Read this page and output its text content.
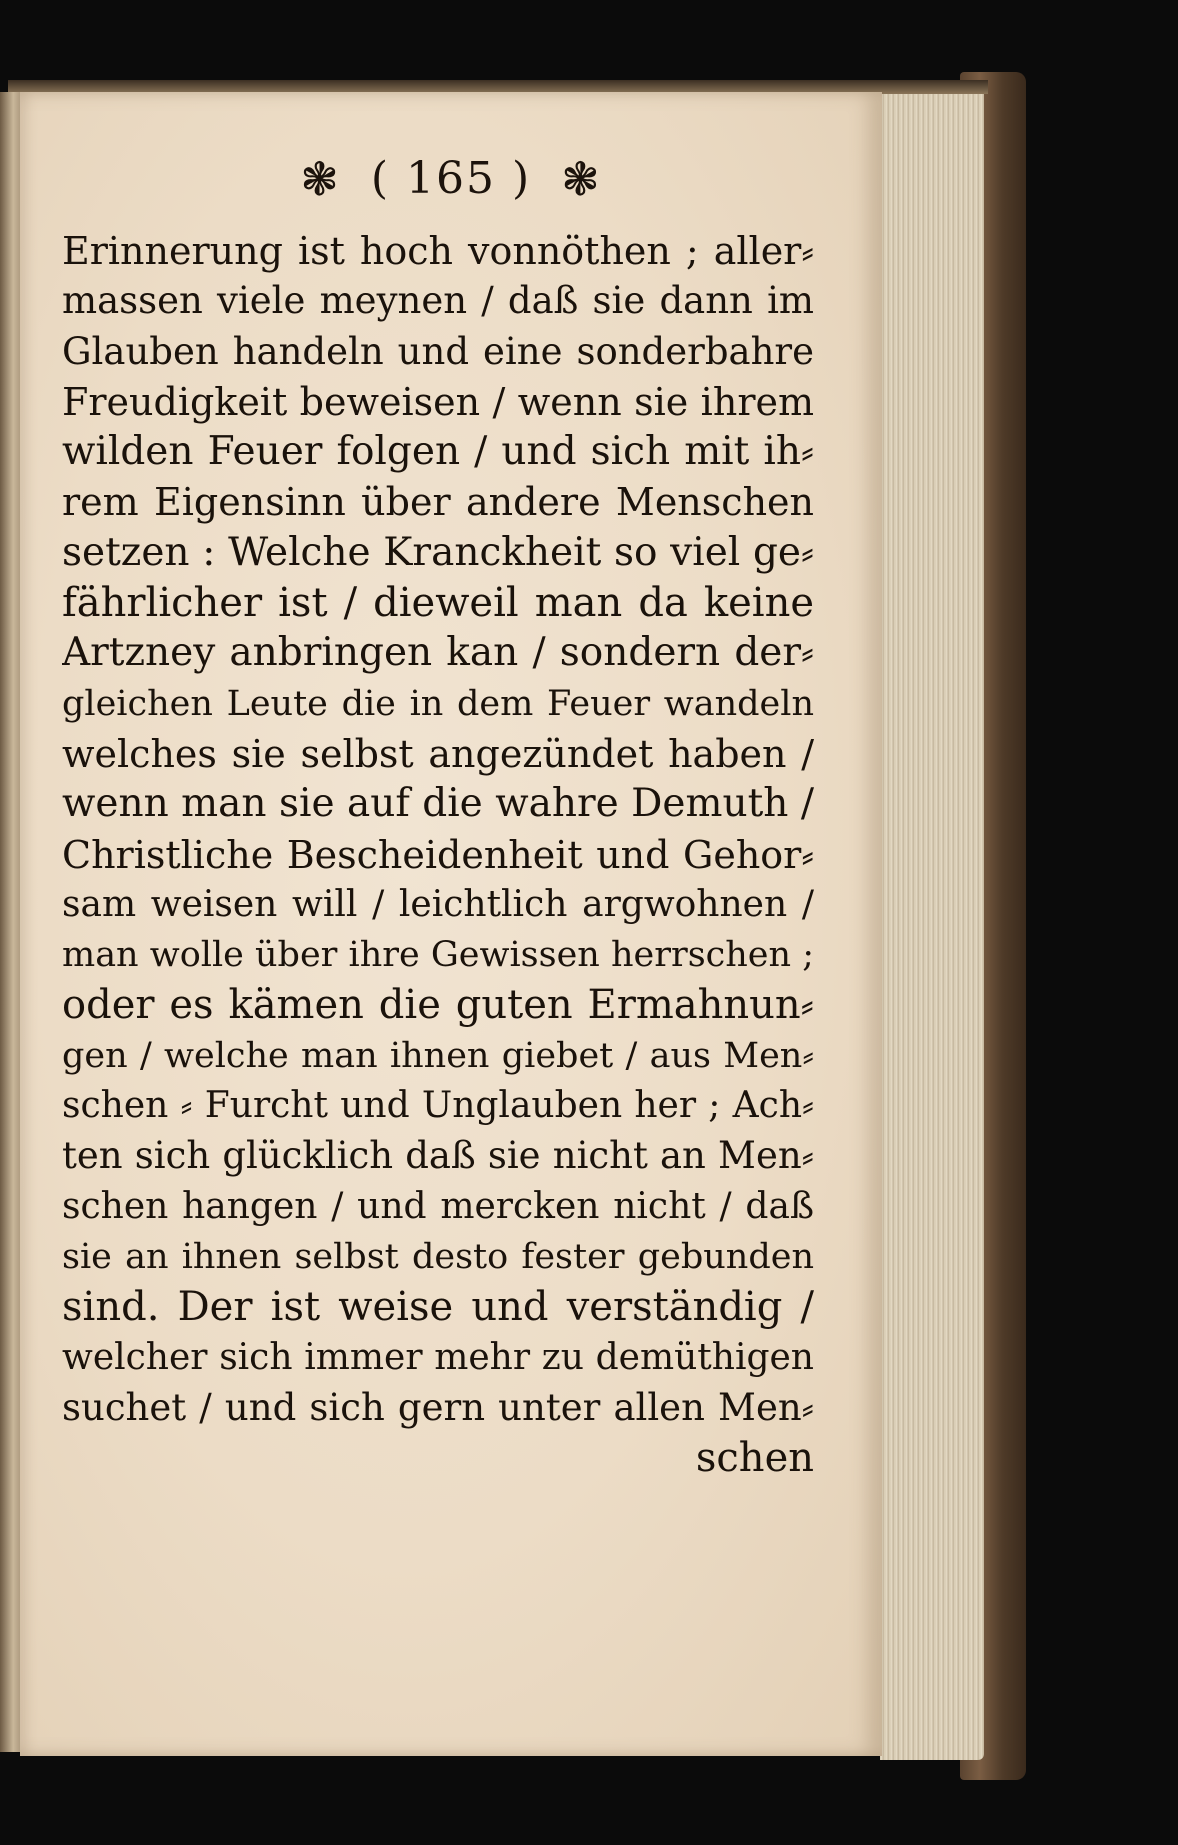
❃ ( 165 ) ❃
Erinnerung ist hoch vonnöthen ; aller⸗
massen viele meynen / daß sie dann im
Glauben handeln und eine sonderbahre
Freudigkeit beweisen / wenn sie ihrem
wilden Feuer folgen / und sich mit ih⸗
rem Eigensinn über andere Menschen
setzen : Welche Kranckheit so viel ge⸗
fährlicher ist / dieweil man da keine
Artzney anbringen kan / sondern der⸗
gleichen Leute die in dem Feuer wandeln
welches sie selbst angezündet haben /
wenn man sie auf die wahre Demuth /
Christliche Bescheidenheit und Gehor⸗
sam weisen will / leichtlich argwohnen /
man wolle über ihre Gewissen herrschen ;
oder es kämen die guten Ermahnun⸗
gen / welche man ihnen giebet / aus Men⸗
schen ⸗ Furcht und Unglauben her ; Ach⸗
ten sich glücklich daß sie nicht an Men⸗
schen hangen / und mercken nicht / daß
sie an ihnen selbst desto fester gebunden
sind. Der ist weise und verständig /
welcher sich immer mehr zu demüthigen
suchet / und sich gern unter allen Men⸗
schen
